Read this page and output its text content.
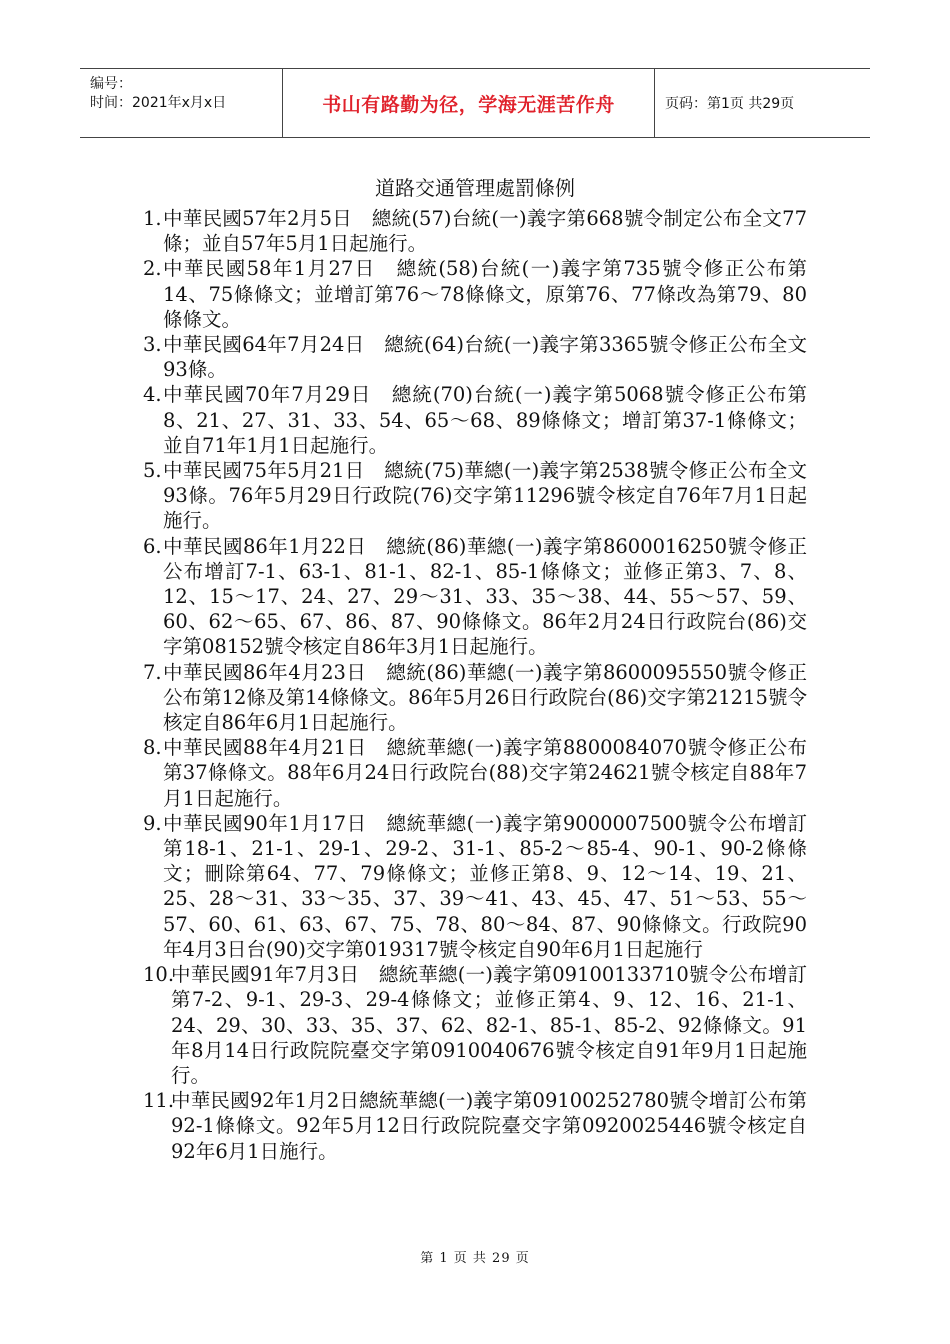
编号：
时间：2021年x月x日	书山有路勤为径，学海无涯苦作舟	页码：第1页 共29页
道路交通管理處罰條例
1. 中華民國57年2月5日　總統(57)台統(一)義字第668號令制定公布全文77條；並自57年5月1日起施行。
2. 中華民國58年1月27日　總統(58)台統(一)義字第735號令修正公布第14、75條條文；並增訂第76～78條條文，原第76、77條改為第79、80條條文。
3. 中華民國64年7月24日　總統(64)台統(一)義字第3365號令修正公布全文93條。
4. 中華民國70年7月29日　總統(70)台統(一)義字第5068號令修正公布第8、21、27、31、33、54、65～68、89條條文；增訂第37-1條條文；並自71年1月1日起施行。
5. 中華民國75年5月21日　總統(75)華總(一)義字第2538號令修正公布全文93條。76年5月29日行政院(76)交字第11296號令核定自76年7月1日起施行。
6. 中華民國86年1月22日　總統(86)華總(一)義字第8600016250號令修正公布增訂7-1、63-1、81-1、82-1、85-1條條文；並修正第3、7、8、12、15～17、24、27、29～31、33、35～38、44、55～57、59、60、62～65、67、86、87、90條條文。86年2月24日行政院台(86)交字第08152號令核定自86年3月1日起施行。
7. 中華民國86年4月23日　總統(86)華總(一)義字第8600095550號令修正公布第12條及第14條條文。86年5月26日行政院台(86)交字第21215號令核定自86年6月1日起施行。
8. 中華民國88年4月21日　總統華總(一)義字第8800084070號令修正公布第37條條文。88年6月24日行政院台(88)交字第24621號令核定自88年7月1日起施行。
9. 中華民國90年1月17日　總統華總(一)義字第9000007500號令公布增訂第18-1、21-1、29-1、29-2、31-1、85-2～85-4、90-1、90-2條條文；刪除第64、77、79條條文；並修正第8、9、12～14、19、21、25、28～31、33～35、37、39～41、43、45、47、51～53、55～57、60、61、63、67、75、78、80～84、87、90條條文。行政院90年4月3日台(90)交字第019317號令核定自90年6月1日起施行
10.
中華民國91年7月3日　總統華總(一)義字第09100133710號令公布增訂第7-2、9-1、29-3、29-4條條文；並修正第4、9、12、16、21-1、24、29、30、33、35、37、62、82-1、85-1、85-2、92條條文。91年8月14日行政院院臺交字第0910040676號令核定自91年9月1日起施行。
11.
中華民國92年1月2日總統華總(一)義字第09100252780號令增訂公布第92-1條條文。92年5月12日行政院院臺交字第0920025446號令核定自92年6月1日施行。
第 1 页 共 29 页
